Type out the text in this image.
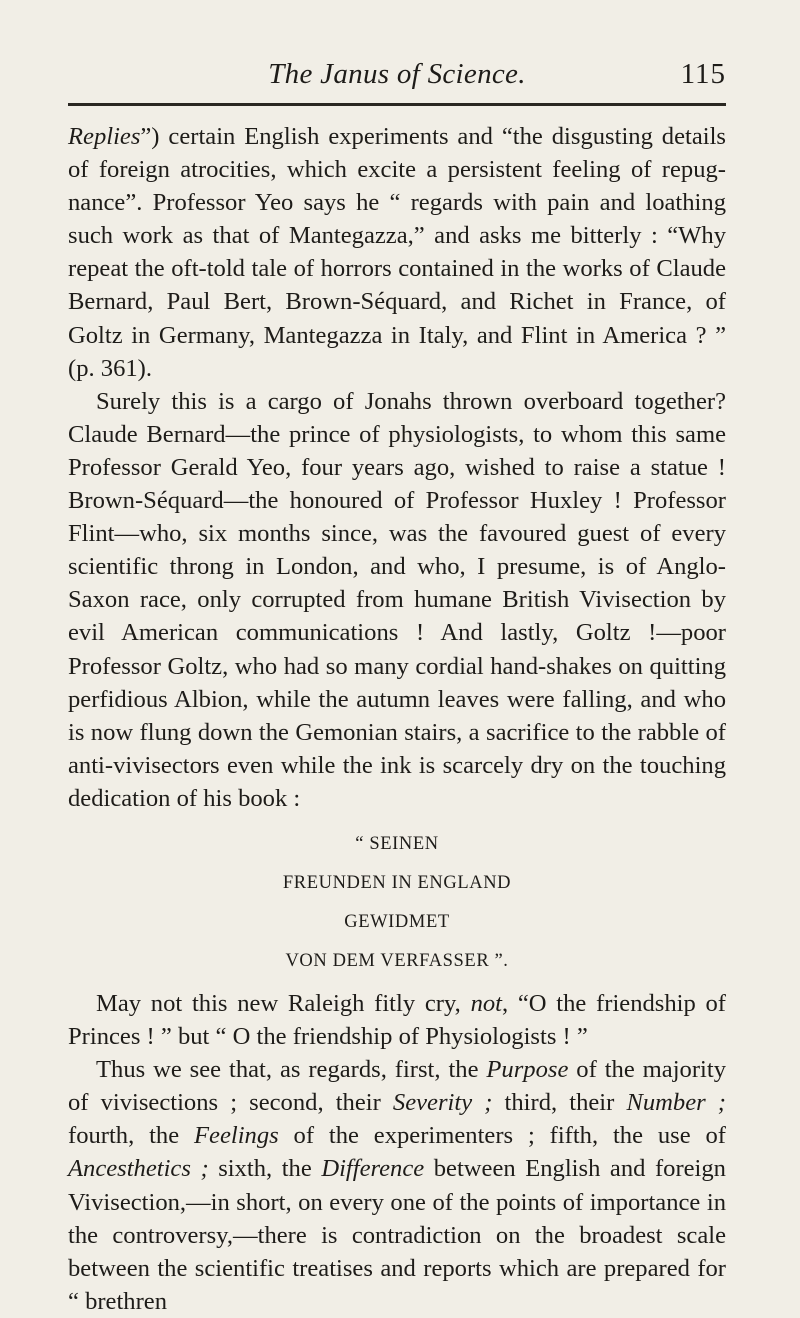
The Janus of Science.	115

Replies”) certain English experiments and “the disgusting details of foreign atrocities, which excite a persistent feeling of repugnance”. Professor Yeo says he “ regards with pain and loathing such work as that of Mantegazza,” and asks me bitterly : “Why repeat the oft-told tale of horrors contained in the works of Claude Bernard, Paul Bert, Brown-Séquard, and Richet in France, of Goltz in Germany, Mantegazza in Italy, and Flint in America ? ” (p. 361).

Surely this is a cargo of Jonahs thrown overboard together? Claude Bernard—the prince of physiologists, to whom this same Professor Gerald Yeo, four years ago, wished to raise a statue ! Brown-Séquard—the honoured of Professor Huxley ! Professor Flint—who, six months since, was the favoured guest of every scientific throng in London, and who, I presume, is of Anglo-Saxon race, only corrupted from humane British Vivisection by evil American communications ! And lastly, Goltz !—poor Professor Goltz, who had so many cordial hand-shakes on quitting perfidious Albion, while the autumn leaves were falling, and who is now flung down the Gemonian stairs, a sacrifice to the rabble of anti-vivisectors even while the ink is scarcely dry on the touching dedication of his book :

“ SEINEN
FREUNDEN IN ENGLAND
GEWIDMET
VON DEM VERFASSER ”.

May not this new Raleigh fitly cry, not, “O the friendship of Princes ! ” but “ O the friendship of Physiologists ! ”

Thus we see that, as regards, first, the Purpose of the majority of vivisections ; second, their Severity ; third, their Number ; fourth, the Feelings of the experimenters ; fifth, the use of Ancesthetics ; sixth, the Difference between English and foreign Vivisection,—in short, on every one of the points of importance in the controversy,—there is contradiction on the broadest scale between the scientific treatises and reports which are prepared for “ brethren
